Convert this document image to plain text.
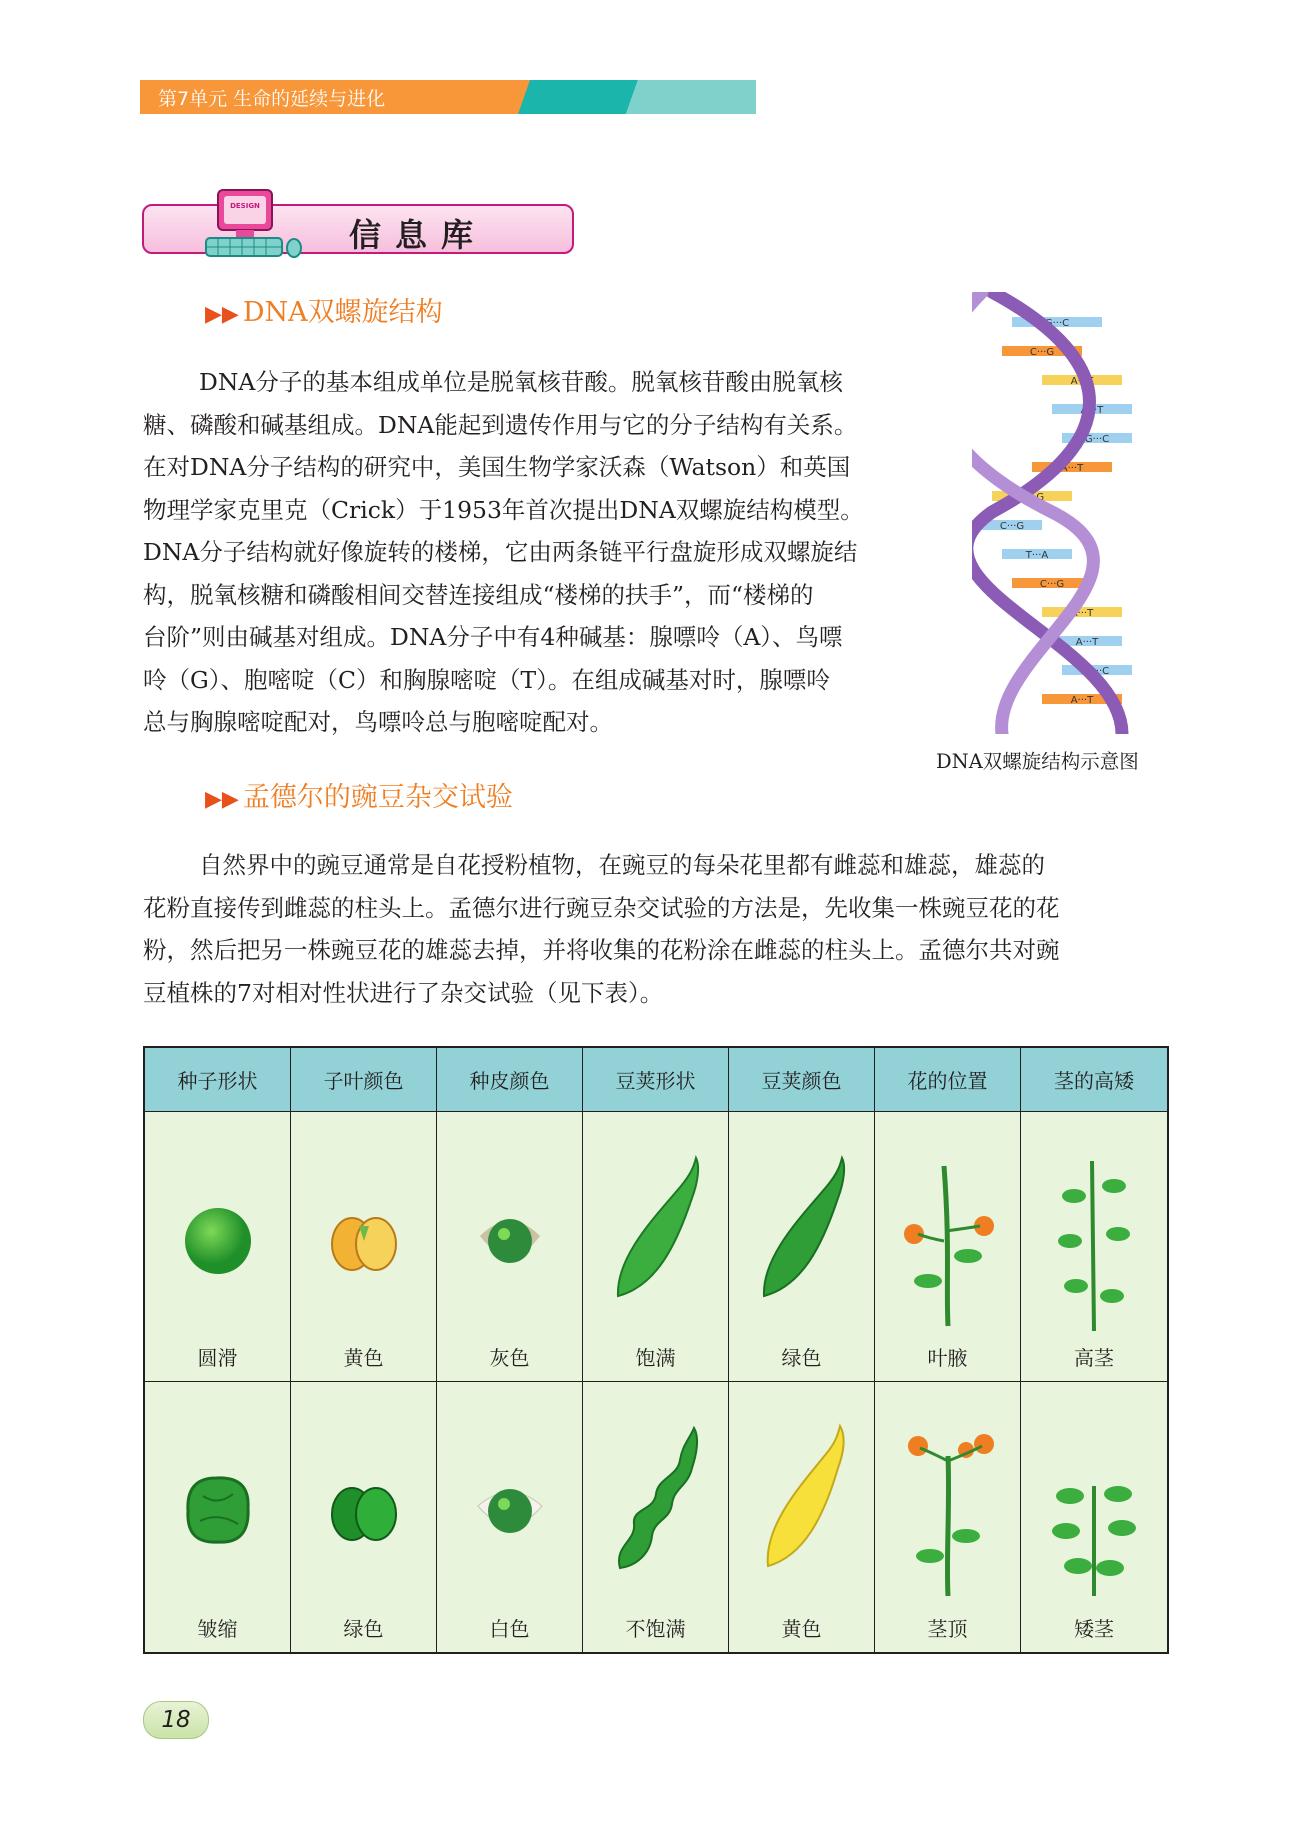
第7单元 生命的延续与进化
信息库
DESIGN
▶▶ DNA双螺旋结构

DNA分子的基本组成单位是脱氧核苷酸。脱氧核苷酸由脱氧核
糖、磷酸和碱基组成。DNA能起到遗传作用与它的分子结构有关系。
在对DNA分子结构的研究中，美国生物学家沃森（Watson）和英国
物理学家克里克（Crick）于1953年首次提出DNA双螺旋结构模型。
DNA分子结构就好像旋转的楼梯，它由两条链平行盘旋形成双螺旋结
构，脱氧核糖和磷酸相间交替连接组成“楼梯的扶手”，而“楼梯的
台阶”则由碱基对组成。DNA分子中有4种碱基：腺嘌呤（A）、鸟嘌
呤（G）、胞嘧啶（C）和胸腺嘧啶（T）。在组成碱基对时，腺嘌呤
总与胸腺嘧啶配对，鸟嘌呤总与胞嘧啶配对。

G···C
C···G
A···T
A···T
G···C
A···T
C···G
C···G
T···A
C···G
A···T
A···T
G···C
A···T
DNA双螺旋结构示意图
▶▶ 孟德尔的豌豆杂交试验

自然界中的豌豆通常是自花授粉植物，在豌豆的每朵花里都有雌蕊和雄蕊，雄蕊的
花粉直接传到雌蕊的柱头上。孟德尔进行豌豆杂交试验的方法是，先收集一株豌豆花的花
粉，然后把另一株豌豆花的雄蕊去掉，并将收集的花粉涂在雌蕊的柱头上。孟德尔共对豌
豆植株的7对相对性状进行了杂交试验（见下表）。

种子形状	子叶颜色	种皮颜色	豆荚形状	豆荚颜色	花的位置	茎的高矮
圆滑	黄色	灰色	饱满	绿色	叶腋	高茎
皱缩	绿色	白色	不饱满	黄色	茎顶	矮茎
18
